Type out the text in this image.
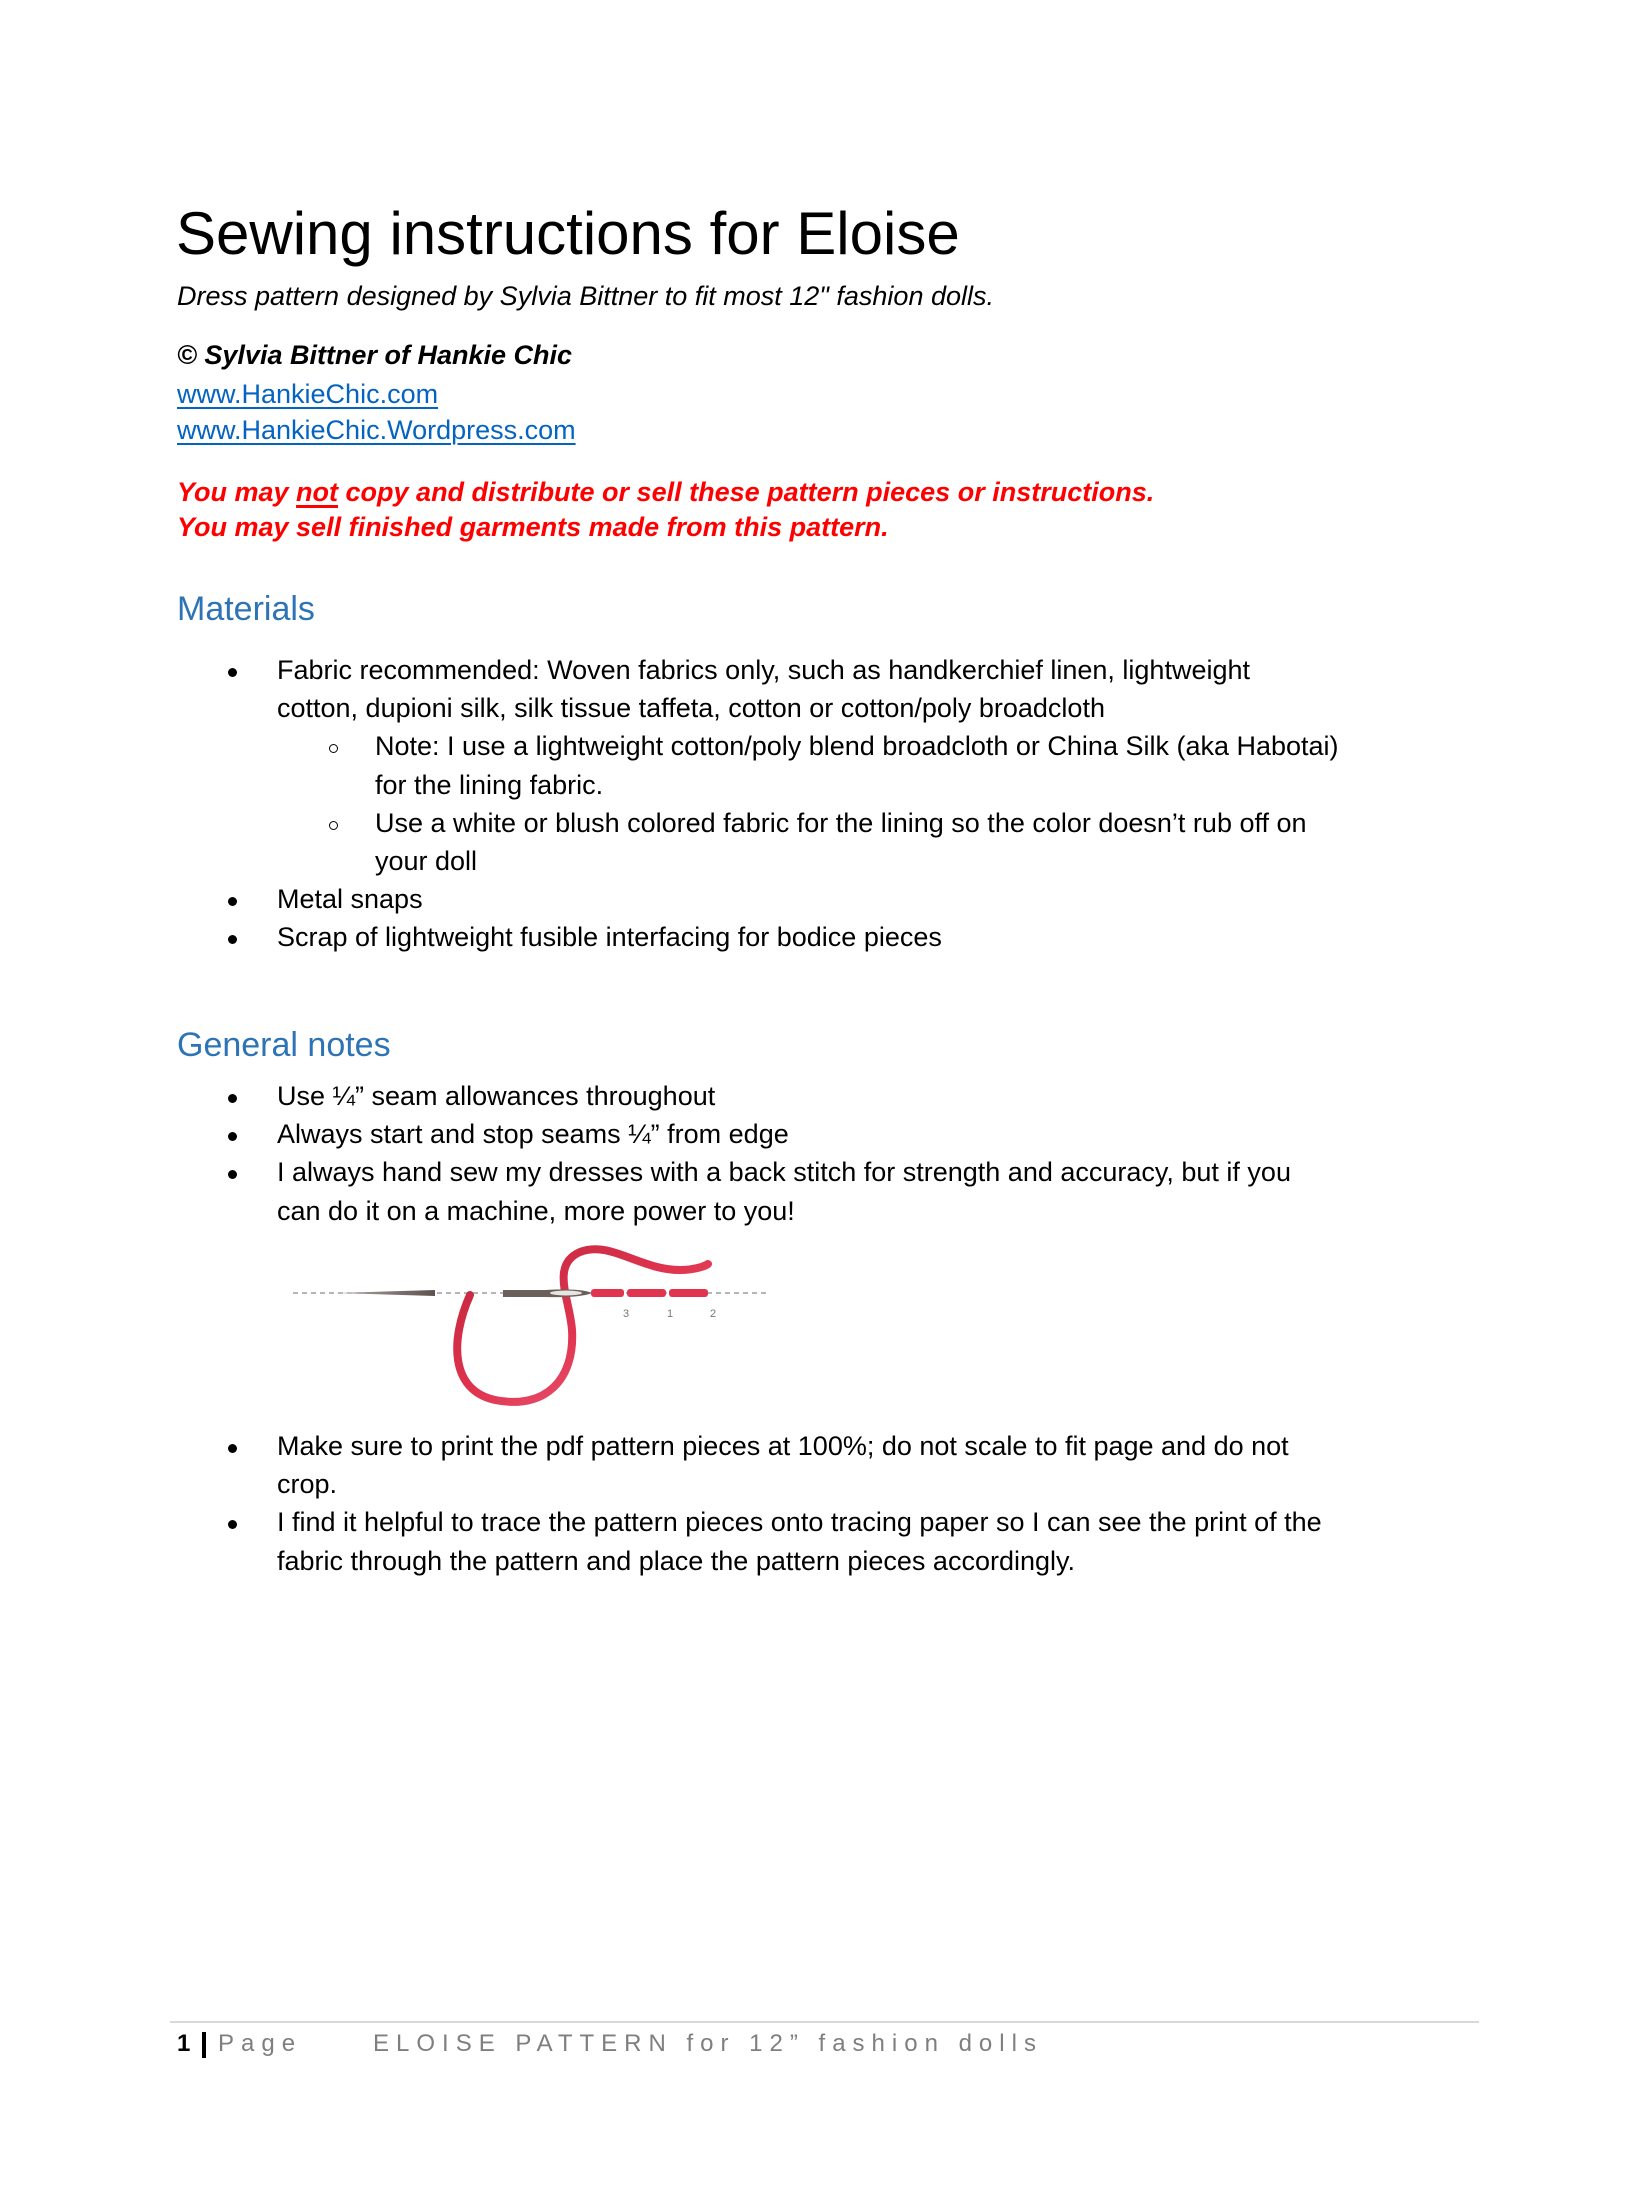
Sewing instructions for Eloise
Dress pattern designed by Sylvia Bittner to fit most 12" fashion dolls.
© Sylvia Bittner of Hankie Chic
www.HankieChic.com
www.HankieChic.Wordpress.com
You may not copy and distribute or sell these pattern pieces or instructions.
You may sell finished garments made from this pattern.
Materials
Fabric recommended: Woven fabrics only, such as handkerchief linen, lightweight
cotton, dupioni silk, silk tissue taffeta, cotton or cotton/poly broadcloth
Note: I use a lightweight cotton/poly blend broadcloth or China Silk (aka Habotai)
for the lining fabric.
Use a white or blush colored fabric for the lining so the color doesn’t rub off on
your doll
Metal snaps
Scrap of lightweight fusible interfacing for bodice pieces
General notes
Use ¼” seam allowances throughout
Always start and stop seams ¼” from edge
I always hand sew my dresses with a back stitch for strength and accuracy, but if you
can do it on a machine, more power to you!
3	1	2
Make sure to print the pdf pattern pieces at 100%; do not scale to fit page and do not
crop.
I find it helpful to trace the pattern pieces onto tracing paper so I can see the print of the
fabric through the pattern and place the pattern pieces accordingly.
1 Page	ELOISE PATTERN for 12” fashion dolls
